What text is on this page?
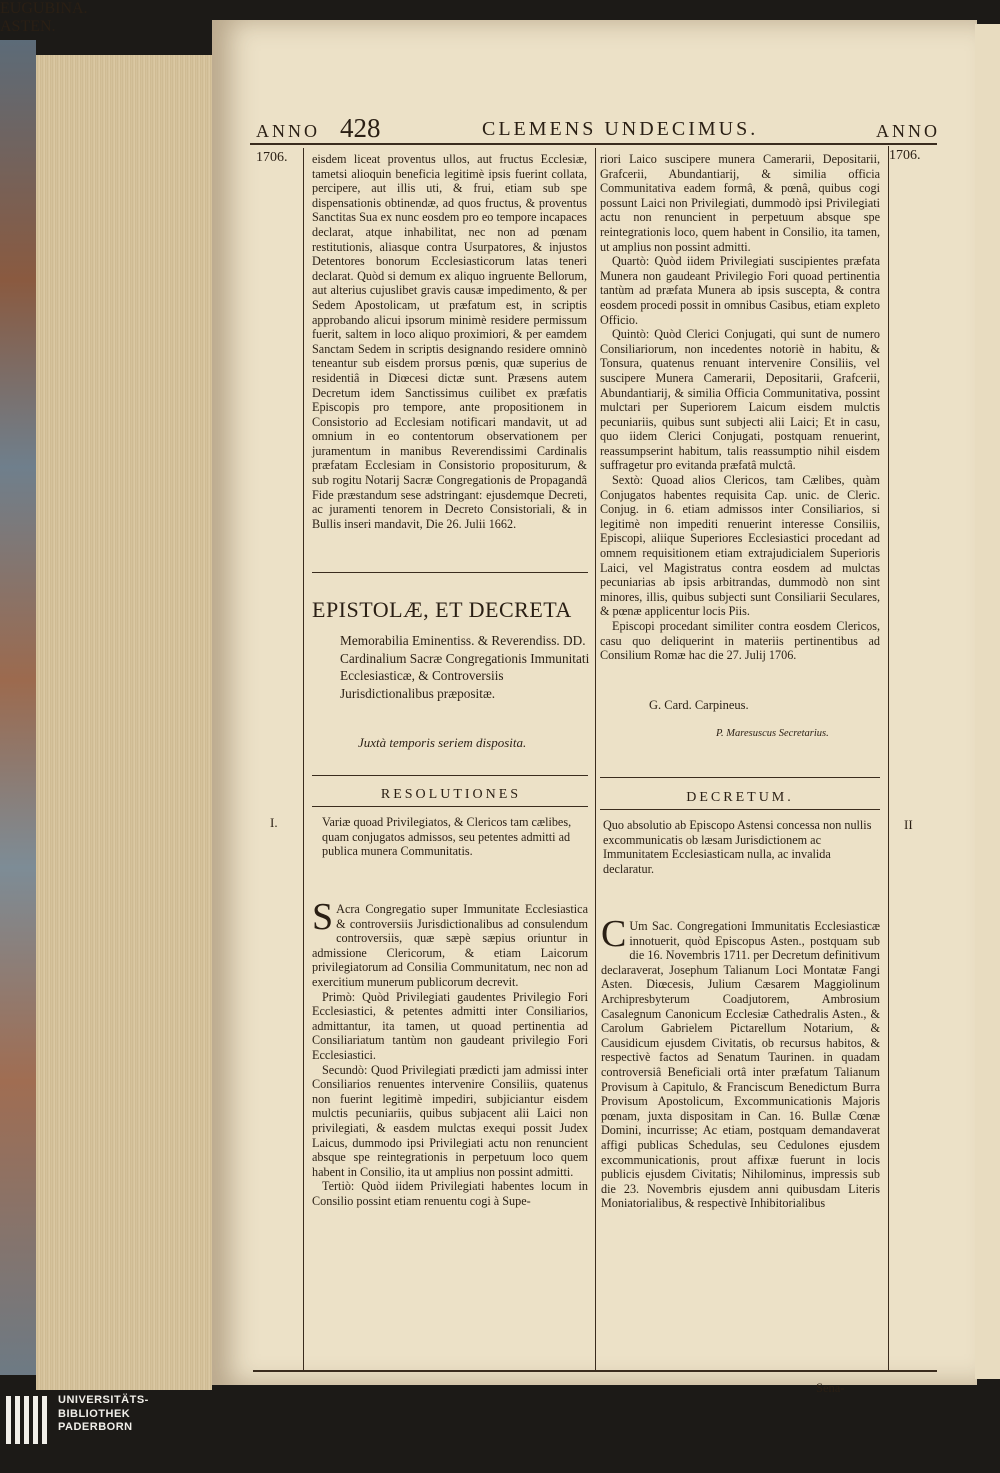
ANNO 428	CLEMENS UNDECIMUS.	ANNO
1706.	1706.
eisdem liceat proventus ullos, aut fructus Ecclesiæ, tametsi alioquin beneficia legitimè ipsis fuerint collata, percipere, aut illis uti, & frui, etiam sub spe dispensationis obtinendæ, ad quos fructus, & proventus Sanctitas Sua ex nunc eosdem pro eo tempore incapaces declarat, atque inhabilitat, nec non ad pœnam restitutionis, aliasque contra Usurpatores, & injustos Detentores bonorum Ecclesiasticorum latas teneri declarat. Quòd si demum ex aliquo ingruente Bellorum, aut alterius cujuslibet gravis causæ impedimento, & per Sedem Apostolicam, ut præfatum est, in scriptis approbando alicui ipsorum minimè residere permissum fuerit, saltem in loco aliquo proximiori, & per eamdem Sanctam Sedem in scriptis designando residere omninò teneantur sub eisdem prorsus pœnis, quæ superius de residentiâ in Diœcesi dictæ sunt. Præsens autem Decretum idem Sanctissimus cuilibet ex præfatis Episcopis pro tempore, ante propositionem in Consistorio ad Ecclesiam notificari mandavit, ut ad omnium in eo contentorum observationem per juramentum in manibus Reverendissimi Cardinalis præfatam Ecclesiam in Consistorio propositurum, & sub rogitu Notarij Sacræ Congregationis de Propagandâ Fide præstandum sese adstringant: ejusdemque Decreti, ac juramenti tenorem in Decreto Consistoriali, & in Bullis inseri mandavit, Die 26. Julii 1662.

riori Laico suscipere munera Camerarii, Depositarii, Grafcerii, Abundantiarij, & similia officia Communitativa eadem formâ, & pœnâ, quibus cogi possunt Laici non Privilegiati, dummodò ipsi Privilegiati actu non renuncient in perpetuum absque spe reintegrationis loco, quem habent in Consilio, ita tamen, ut amplius non possint admitti.

Quartò: Quòd iidem Privilegiati suscipientes præfata Munera non gaudeant Privilegio Fori quoad pertinentia tantùm ad præfata Munera ab ipsis suscepta, & contra eosdem procedi possit in omnibus Casibus, etiam expleto Officio.

Quintò: Quòd Clerici Conjugati, qui sunt de numero Consiliariorum, non incedentes notoriè in habitu, & Tonsura, quatenus renuant intervenire Consiliis, vel suscipere Munera Camerarii, Depositarii, Grafcerii, Abundantiarij, & similia Officia Communitativa, possint mulctari per Superiorem Laicum eisdem mulctis pecuniariis, quibus sunt subjecti alii Laici; Et in casu, quo iidem Clerici Conjugati, postquam renuerint, reassumpserint habitum, talis reassumptio nihil eisdem suffragetur pro evitanda præfatâ mulctâ.

Sextò: Quoad alios Clericos, tam Cælibes, quàm Conjugatos habentes requisita Cap. unic. de Cleric. Conjug. in 6. etiam admissos inter Consiliarios, si legitimè non impediti renuerint interesse Consiliis, Episcopi, aliique Superiores Ecclesiastici procedant ad omnem requisitionem etiam extrajudicialem Superioris Laici, vel Magistratus contra eosdem ad mulctas pecuniarias ab ipsis arbitrandas, dummodò non sint minores, illis, quibus subjecti sunt Consiliarii Seculares, & pœnæ applicentur locis Piis.

Episcopi procedant similiter contra eosdem Clericos, casu quo deliquerint in materiis pertinentibus ad Consilium Romæ hac die 27. Julij 1706.

G. Card. Carpineus.
P. Maresuscus Secretarius.
EPISTOLÆ, ET DECRETA
Memorabilia Eminentiss. & Reverendiss. DD. Cardinalium Sacræ Congregationis Immunitati Ecclesiasticæ, & Controversiis Jurisdictionalibus præpositæ.
Juxtà temporis seriem disposita.
RESOLUTIONES
I.	Variæ quoad Privilegiatos, & Clericos tam cælibes, quam conjugatos admissos, seu petentes admitti ad publica munera Communitatis.
EUGUBINA.
S Acra Congregatio super Immunitate Ecclesiastica & controversiis Jurisdictionalibus ad consulendum controversiis, quæ sæpè sæpius oriuntur in admissione Clericorum, & etiam Laicorum privilegiatorum ad Consilia Communitatum, nec non ad exercitium munerum publicorum decrevit.

Primò: Quòd Privilegiati gaudentes Privilegio Fori Ecclesiastici, & petentes admitti inter Consiliarios, admittantur, ita tamen, ut quoad pertinentia ad Consiliariatum tantùm non gaudeant privilegio Fori Ecclesiastici.

Secundò: Quod Privilegiati prædicti jam admissi inter Consiliarios renuentes intervenire Consiliis, quatenus non fuerint legitimè impediri, subjiciantur eisdem mulctis pecuniariis, quibus subjacent alii Laici non privilegiati, & easdem mulctas exequi possit Judex Laicus, dummodo ipsi Privilegiati actu non renuncient absque spe reintegrationis in perpetuum loco quem habent in Consilio, ita ut amplius non possint admitti.

Tertiò: Quòd iidem Privilegiati habentes locum in Consilio possint etiam renuentu cogi à Supe-

DECRETUM.
II
Quo absolutio ab Episcopo Astensi concessa non nullis excommunicatis ob læsam Jurisdictionem ac Immunitatem Ecclesiasticam nulla, ac invalida declaratur.
ASTEN.
C Um Sac. Congregationi Immunitatis Ecclesiasticæ innotuerit, quòd Episcopus Asten., postquam sub die 16. Novembris 1711. per Decretum definitivum declaraverat, Josephum Talianum Loci Montatæ Fangi Asten. Diœcesis, Julium Cæsarem Maggiolinum Archipresbyterum Coadjutorem, Ambrosium Casalegnum Canonicum Ecclesiæ Cathedralis Asten., & Carolum Gabrielem Pictarellum Notarium, & Causidicum ejusdem Civitatis, ob recursus habitos, & respectivè factos ad Senatum Taurinen. in quadam controversiâ Beneficiali ortâ inter præfatum Talianum Provisum à Capitulo, & Franciscum Benedictum Burra Provisum Apostolicum, Excommunicationis Majoris pœnam, juxta dispositam in Can. 16. Bullæ Cœnæ Domini, incurrisse; Ac etiam, postquam demandaverat affigi publicas Schedulas, seu Cedulones ejusdem excommunicationis, prout affixæ fuerunt in locis publicis ejusdem Civitatis; Nihilominus, impressis sub die 23. Novembris ejusdem anni quibusdam Literis Moniatorialibus, & respectivè Inhibitorialibus
Sena-
UNIVERSITÄTS-
BIBLIOTHEK
PADERBORN
